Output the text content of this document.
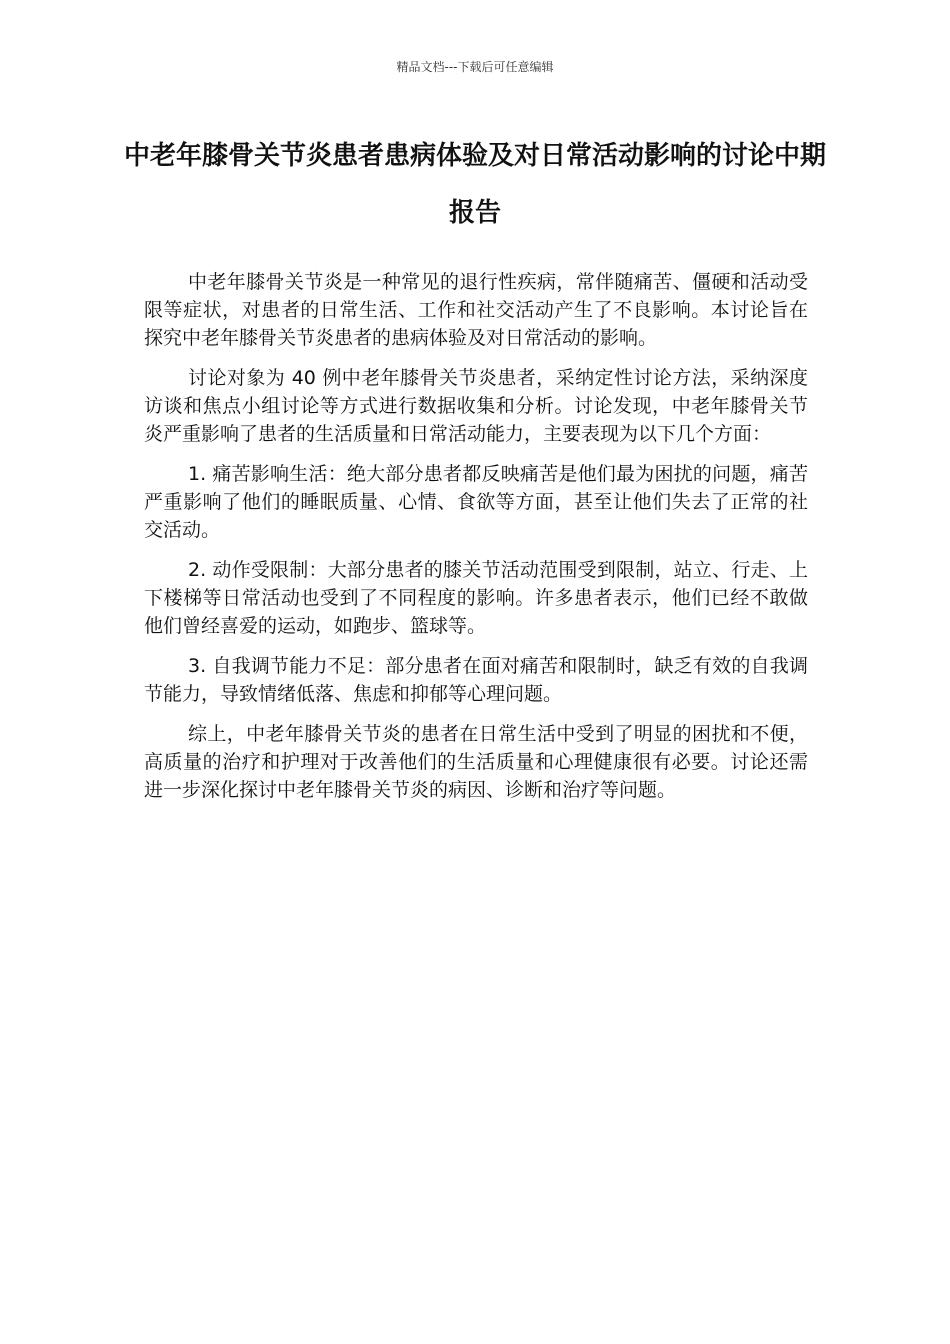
精品文档---下载后可任意编辑
中老年膝骨关节炎患者患病体验及对日常活动影响的讨论中期报告

中老年膝骨关节炎是一种常见的退行性疾病，常伴随痛苦、僵硬和活动受限等症状，对患者的日常生活、工作和社交活动产生了不良影响。本讨论旨在探究中老年膝骨关节炎患者的患病体验及对日常活动的影响。

讨论对象为 40 例中老年膝骨关节炎患者，采纳定性讨论方法，采纳深度访谈和焦点小组讨论等方式进行数据收集和分析。讨论发现，中老年膝骨关节炎严重影响了患者的生活质量和日常活动能力，主要表现为以下几个方面：

1. 痛苦影响生活：绝大部分患者都反映痛苦是他们最为困扰的问题，痛苦严重影响了他们的睡眠质量、心情、食欲等方面，甚至让他们失去了正常的社交活动。

2. 动作受限制：大部分患者的膝关节活动范围受到限制，站立、行走、上下楼梯等日常活动也受到了不同程度的影响。许多患者表示，他们已经不敢做他们曾经喜爱的运动，如跑步、篮球等。

3. 自我调节能力不足：部分患者在面对痛苦和限制时，缺乏有效的自我调节能力，导致情绪低落、焦虑和抑郁等心理问题。

综上，中老年膝骨关节炎的患者在日常生活中受到了明显的困扰和不便，高质量的治疗和护理对于改善他们的生活质量和心理健康很有必要。讨论还需进一步深化探讨中老年膝骨关节炎的病因、诊断和治疗等问题。
